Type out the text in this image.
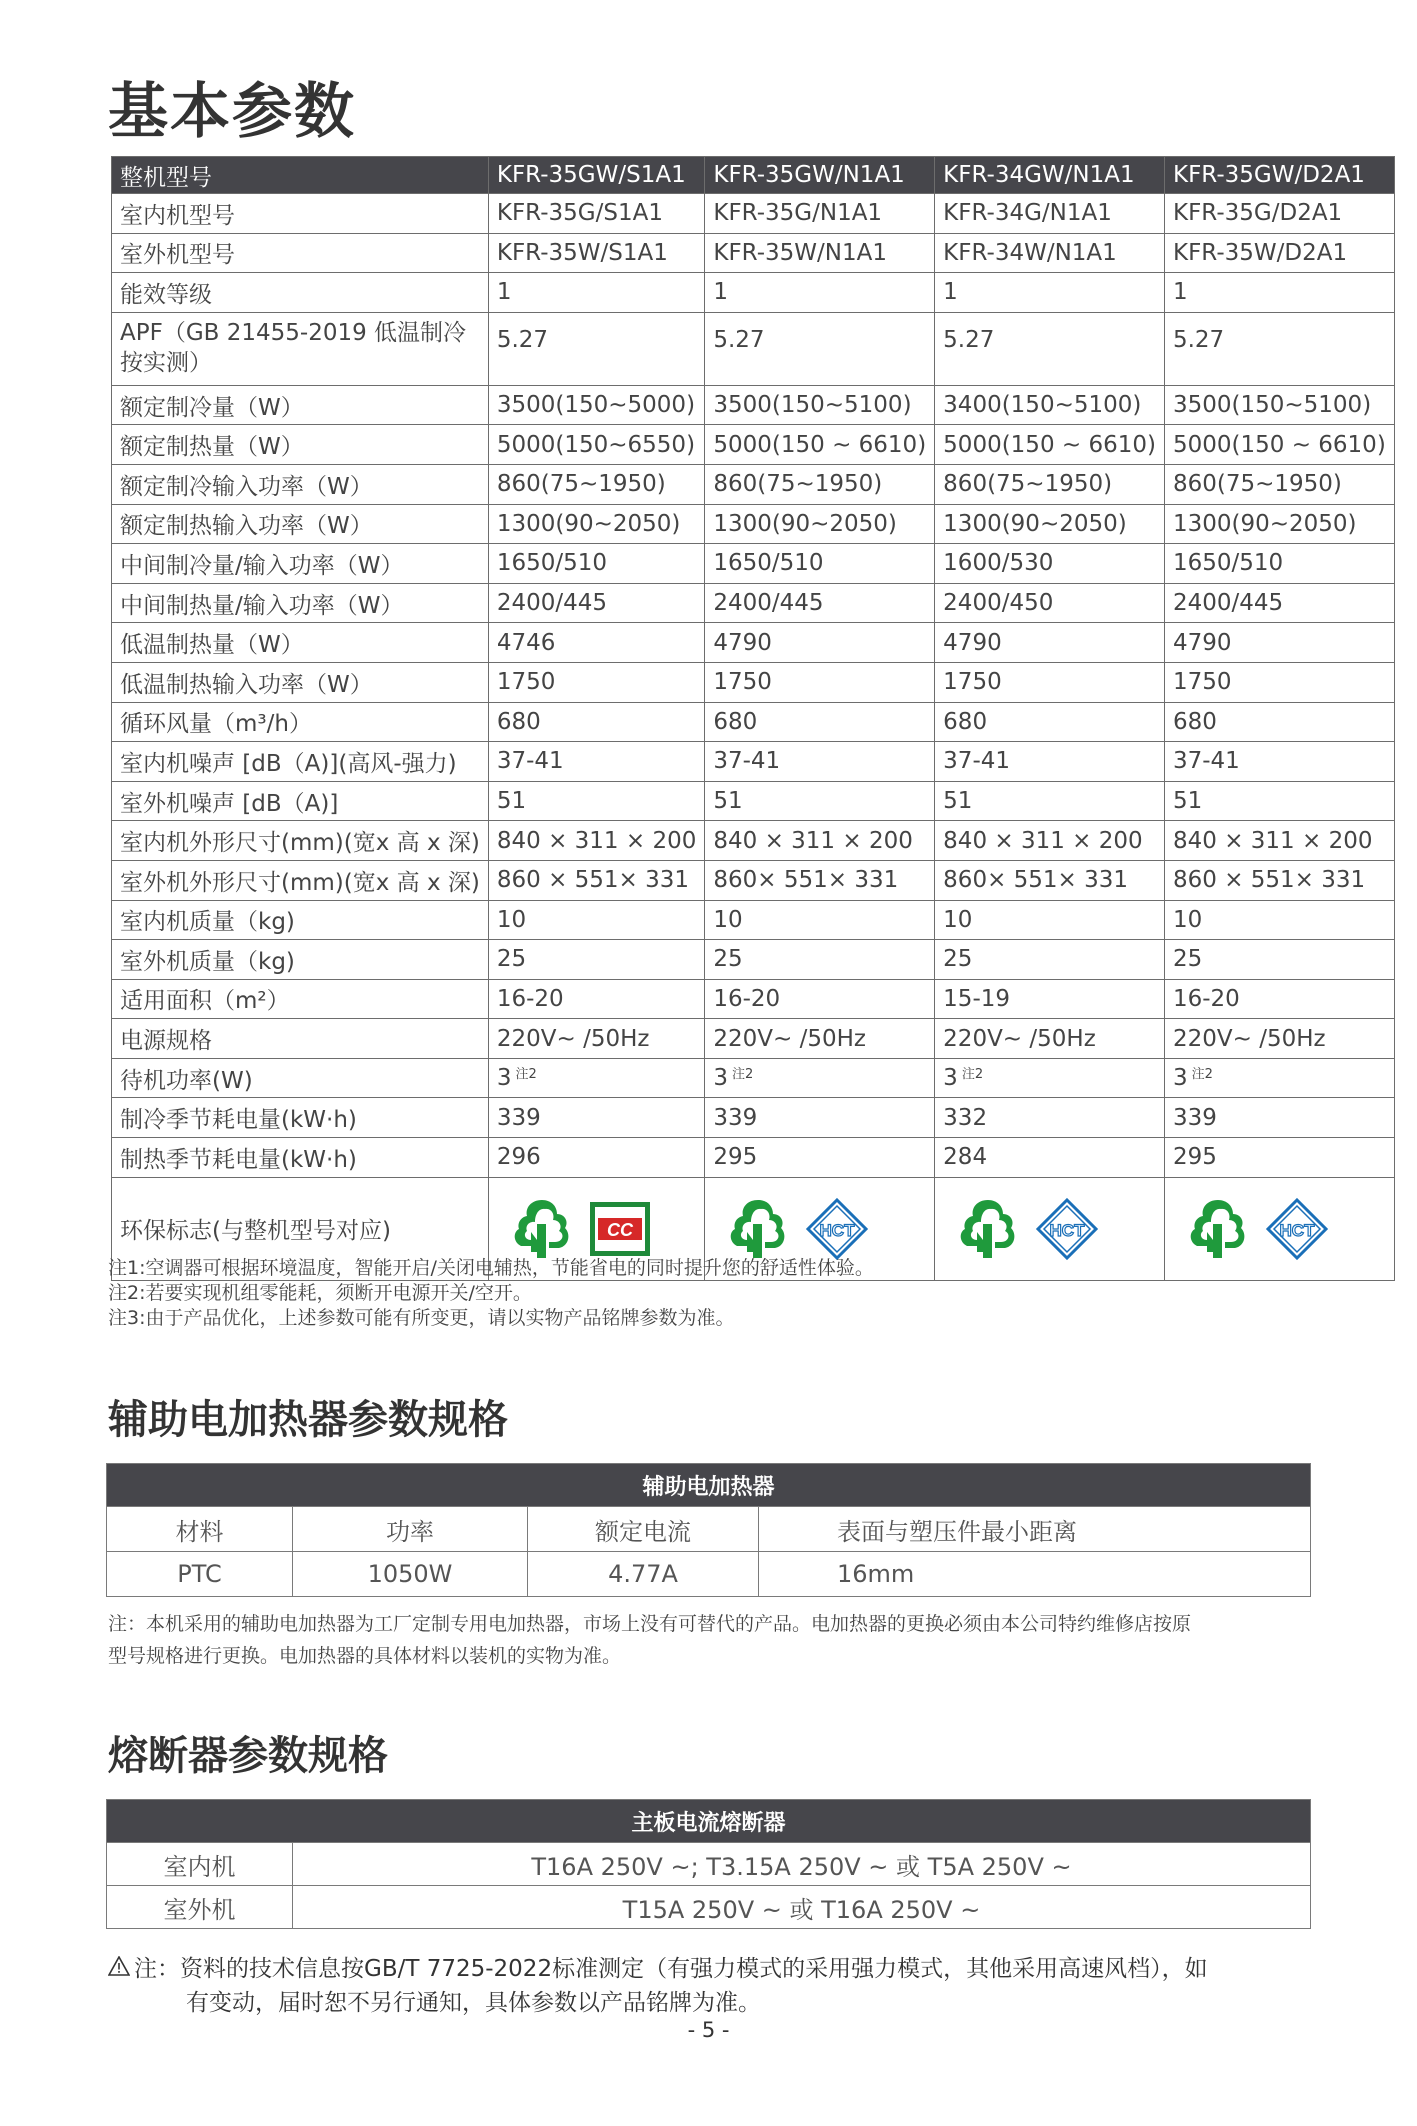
基本参数
整机型号	KFR-35GW/S1A1	KFR-35GW/N1A1	KFR-34GW/N1A1	KFR-35GW/D2A1
室内机型号	KFR-35G/S1A1	KFR-35G/N1A1	KFR-34G/N1A1	KFR-35G/D2A1
室外机型号	KFR-35W/S1A1	KFR-35W/N1A1	KFR-34W/N1A1	KFR-35W/D2A1
能效等级	1	1	1	1
APF（GB 21455-2019 低温制冷按实测）	5.27	5.27	5.27	5.27
额定制冷量（W）	3500(150~5000)	3500(150~5100)	3400(150~5100)	3500(150~5100)
额定制热量（W）	5000(150~6550)	5000(150 ~ 6610)	5000(150 ~ 6610)	5000(150 ~ 6610)
额定制冷输入功率（W）	860(75~1950)	860(75~1950)	860(75~1950)	860(75~1950)
额定制热输入功率（W）	1300(90~2050)	1300(90~2050)	1300(90~2050)	1300(90~2050)
中间制冷量/输入功率（W）	1650/510	1650/510	1600/530	1650/510
中间制热量/输入功率（W）	2400/445	2400/445	2400/450	2400/445
低温制热量（W）	4746	4790	4790	4790
低温制热输入功率（W）	1750	1750	1750	1750
循环风量（m³/h）	680	680	680	680
室内机噪声 [dB（A)](高风-强力)	37-41	37-41	37-41	37-41
室外机噪声 [dB（A)]	51	51	51	51
室内机外形尺寸(mm)(宽x 高 x 深)	840 × 311 × 200	840 × 311 × 200	840 × 311 × 200	840 × 311 × 200
室外机外形尺寸(mm)(宽x 高 x 深)	860 × 551× 331	860× 551× 331	860× 551× 331	860 × 551× 331
室内机质量（kg)	10	10	10	10
室外机质量（kg)	25	25	25	25
适用面积（m²）	16-20	16-20	15-19	16-20
电源规格	220V~ /50Hz	220V~ /50Hz	220V~ /50Hz	220V~ /50Hz
待机功率(W)	3 $^{注2}$	3 $^{注2}$	3 $^{注2}$	3 $^{注2}$
制冷季节耗电量(kW·h)	339	339	332	339
制热季节耗电量(kW·h)	296	295	284	295
环保标志(与整机型号对应)	CC	HCT	HCT	HCT
注1:空调器可根据环境温度，智能开启/关闭电辅热，节能省电的同时提升您的舒适性体验。
注2:若要实现机组零能耗，须断开电源开关/空开。
注3:由于产品优化，上述参数可能有所变更，请以实物产品铭牌参数为准。
辅助电加热器参数规格
辅助电加热器			
材料	功率	额定电流	表面与塑压件最小距离
PTC	1050W	4.77A	16mm
注：本机采用的辅助电加热器为工厂定制专用电加热器，市场上没有可替代的产品。电加热器的更换必须由本公司特约维修店按原
型号规格进行更换。电加热器的具体材料以装机的实物为准。
熔断器参数规格
主板电流熔断器	
室内机	T16A 250V ~; T3.15A 250V ~ 或 T5A 250V ~
室外机	T15A 250V ~ 或 T16A 250V ~
注：资料的技术信息按GB/T 7725-2022标准测定（有强力模式的采用强力模式，其他采用高速风档），如
有变动，届时恕不另行通知，具体参数以产品铭牌为准。
- 5 -
